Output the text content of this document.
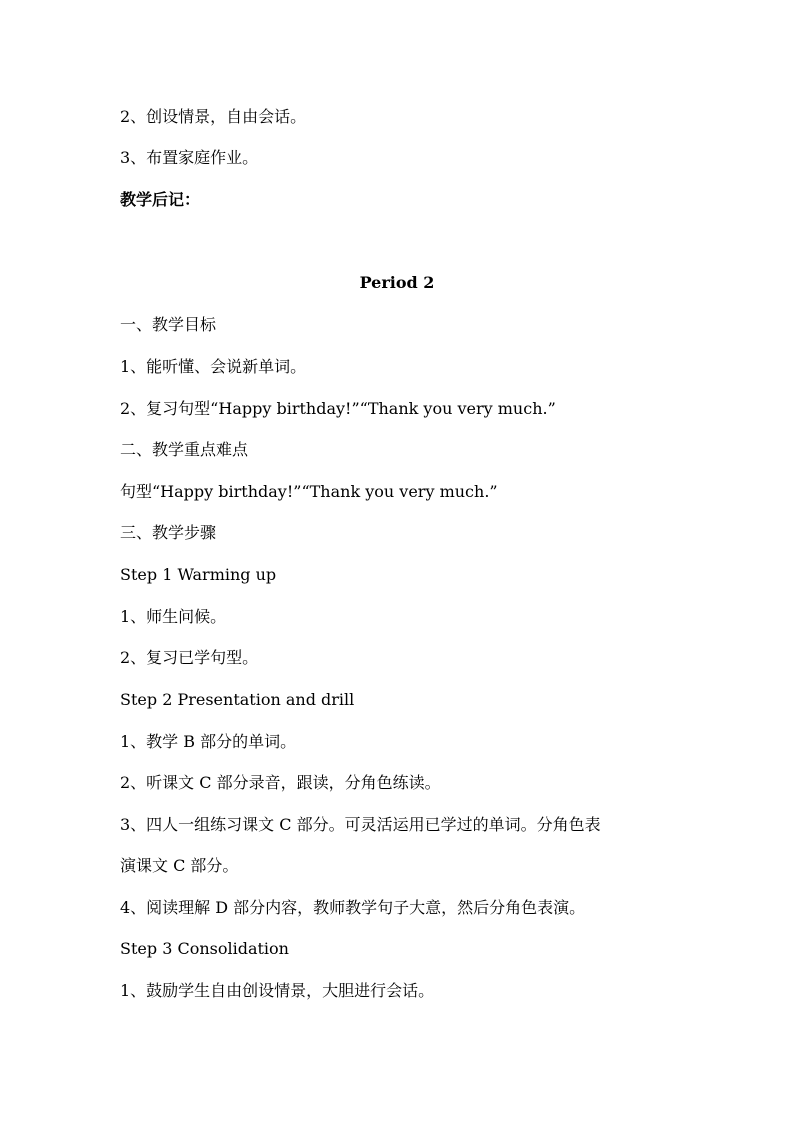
2、创设情景，自由会话。
3、布置家庭作业。
教学后记：
Period 2
一、教学目标
1、能听懂、会说新单词。
2、复习句型“Happy birthday!”“Thank you very much.”
二、教学重点难点
句型“Happy birthday!”“Thank you very much.”
三、教学步骤
Step 1 Warming up
1、师生问候。
2、复习已学句型。
Step 2 Presentation and drill
1、教学 B 部分的单词。
2、听课文 C 部分录音，跟读，分角色练读。
3、四人一组练习课文 C 部分。可灵活运用已学过的单词。分角色表
演课文 C 部分。
4、阅读理解 D 部分内容，教师教学句子大意，然后分角色表演。
Step 3 Consolidation
1、鼓励学生自由创设情景，大胆进行会话。
